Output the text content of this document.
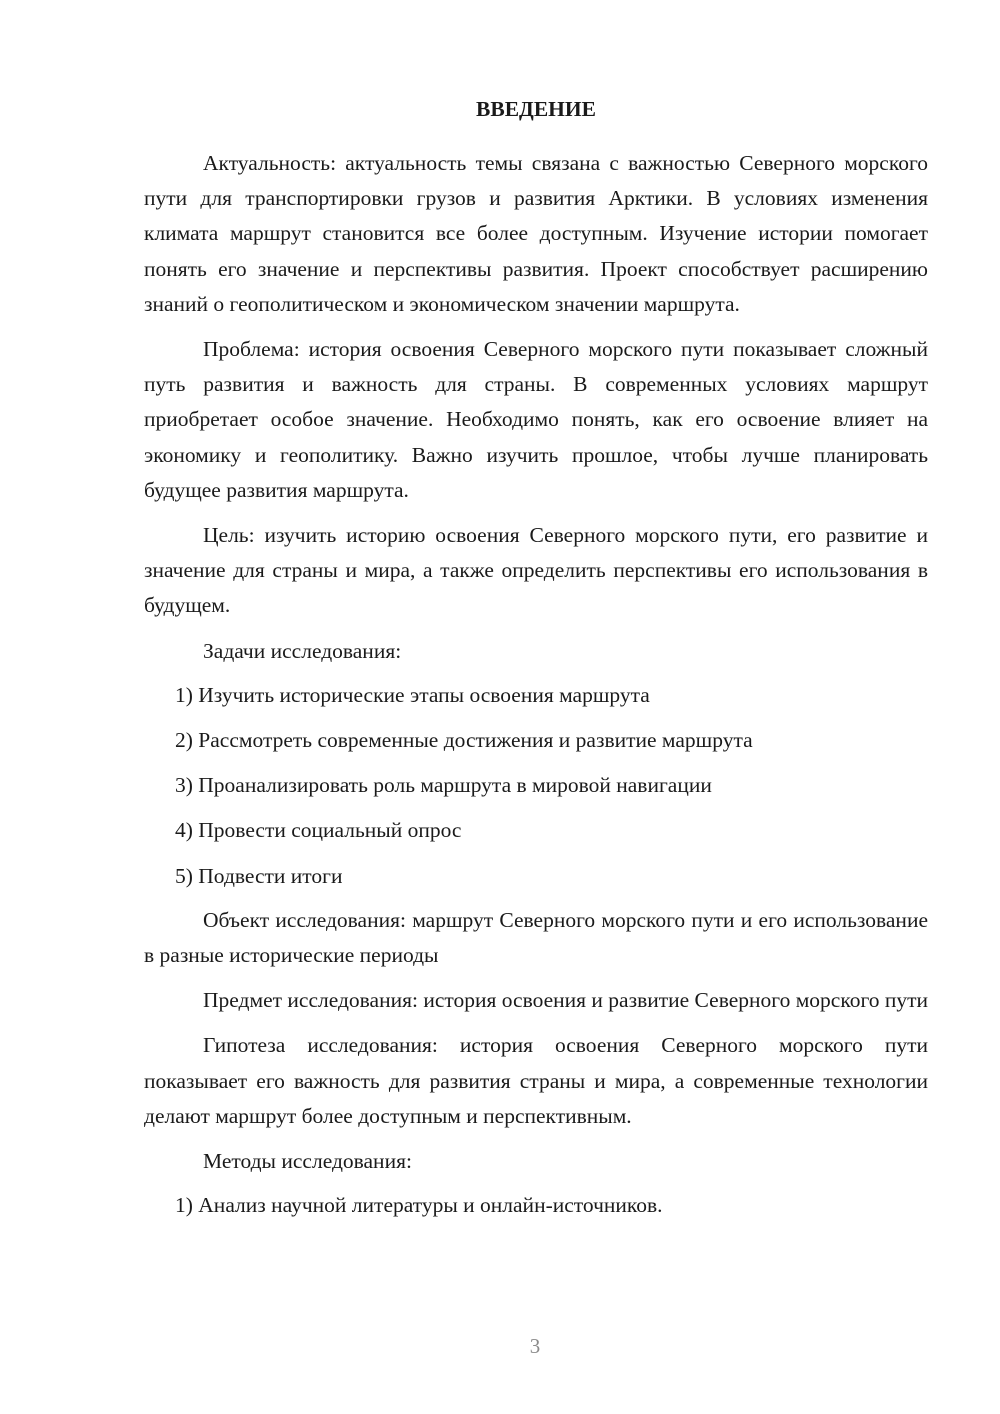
ВВЕДЕНИЕ

Актуальность: актуальность темы связана с важностью Северного морского пути для транспортировки грузов и развития Арктики. В условиях изменения климата маршрут становится все более доступным. Изучение истории помогает понять его значение и перспективы развития. Проект способствует расширению знаний о геополитическом и экономическом значении маршрута.

Проблема: история освоения Северного морского пути показывает сложный путь развития и важность для страны. В современных условиях маршрут приобретает особое значение. Необходимо понять, как его освоение влияет на экономику и геополитику. Важно изучить прошлое, чтобы лучше планировать будущее развития маршрута.

Цель: изучить историю освоения Северного морского пути, его развитие и значение для страны и мира, а также определить перспективы его использования в будущем.

Задачи исследования:

1) Изучить исторические этапы освоения маршрута

2) Рассмотреть современные достижения и развитие маршрута

3) Проанализировать роль маршрута в мировой навигации

4) Провести социальный опрос

5) Подвести итоги

Объект исследования: маршрут Северного морского пути и его использование в разные исторические периоды

Предмет исследования: история освоения и развитие Северного морского пути

Гипотеза исследования: история освоения Северного морского пути показывает его важность для развития страны и мира, а современные технологии делают маршрут более доступным и перспективным.

Методы исследования:

1) Анализ научной литературы и онлайн-источников.

3
